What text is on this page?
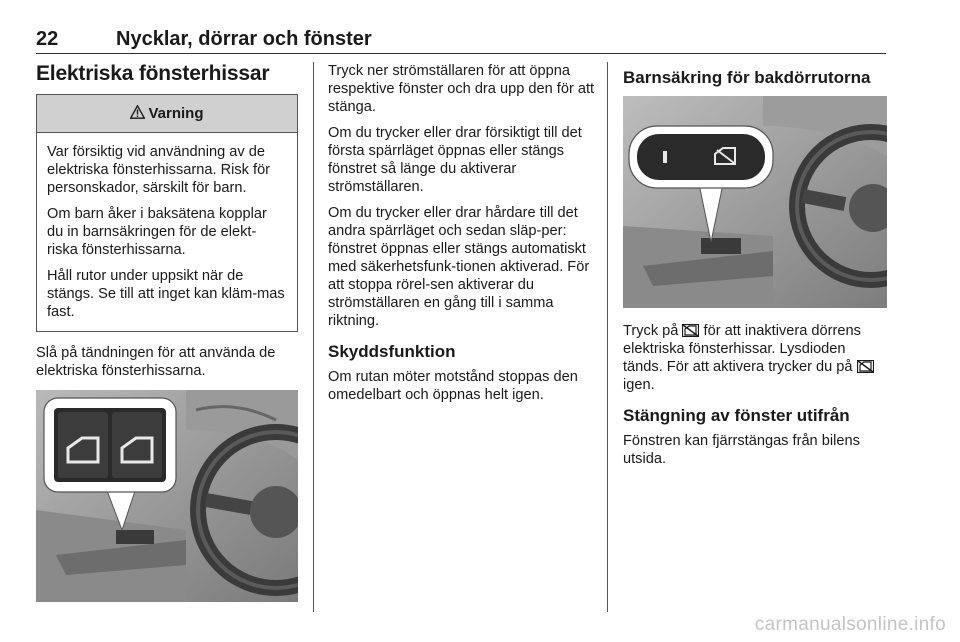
22	Nycklar, dörrar och fönster
Elektriska fönsterhissar
Varning

Var försiktig vid användning av de elektriska fönsterhissarna. Risk för personskador, särskilt för barn.

Om barn åker i baksätena kopplar du in barnsäkringen för de elekt-riska fönsterhissarna.

Håll rutor under uppsikt när de stängs. Se till att inget kan kläm-mas fast.

Slå på tändningen för att använda de elektriska fönsterhissarna.

Tryck ner strömställaren för att öppna respektive fönster och dra upp den för att stänga.

Om du trycker eller drar försiktigt till det första spärrläget öppnas eller stängs fönstret så länge du aktiverar strömställaren.

Om du trycker eller drar hårdare till det andra spärrläget och sedan släp-per: fönstret öppnas eller stängs automatiskt med säkerhetsfunk-tionen aktiverad. För att stoppa rörel-sen aktiverar du strömställaren en gång till i samma riktning.

Skyddsfunktion

Om rutan möter motstånd stoppas den omedelbart och öppnas helt igen.

Barnsäkring för bakdörrutorna

Tryck på för att inaktivera dörrens elektriska fönsterhissar. Lysdioden tänds. För att aktivera trycker du på  igen.

Stängning av fönster utifrån

Fönstren kan fjärrstängas från bilens utsida.

carmanualsonline.info
